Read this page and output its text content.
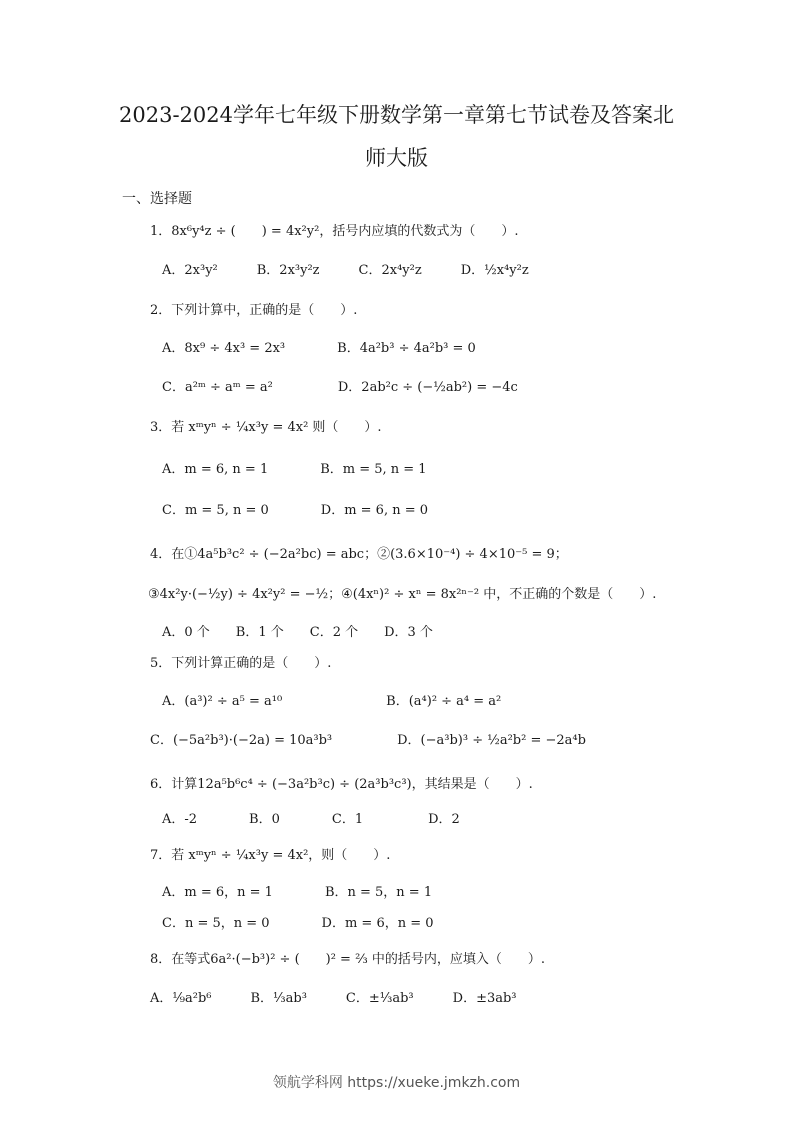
2023-2024学年七年级下册数学第一章第七节试卷及答案北
师大版
一、选择题
1．8x⁶y⁴z ÷ (　　) = 4x²y²，括号内应填的代数式为（　　）.
A．2x³y²　　　B．2x³y²z　　　C．2x⁴y²z　　　D．½x⁴y²z
2．下列计算中，正确的是（　　）.
A．8x⁹ ÷ 4x³ = 2x³　　　　B．4a²b³ ÷ 4a²b³ = 0
C．a²ᵐ ÷ aᵐ = a²　　　　　D．2ab²c ÷ (−½ab²) = −4c
3．若 xᵐyⁿ ÷ ¼x³y = 4x² 则（　　）.
A．m = 6, n = 1　　　　B．m = 5, n = 1
C．m = 5, n = 0　　　　D．m = 6, n = 0
4．在①4a⁵b³c² ÷ (−2a²bc) = abc；②(3.6×10⁻⁴) ÷ 4×10⁻⁵ = 9；
③4x²y·(−½y) ÷ 4x²y² = −½；④(4xⁿ)² ÷ xⁿ = 8x²ⁿ⁻² 中，不正确的个数是（　　）.
A．0 个　　B．1 个　　C．2 个　　D．3 个
5．下列计算正确的是（　　）.
A．(a³)² ÷ a⁵ = a¹⁰　　　　　　　　B．(a⁴)² ÷ a⁴ = a²
C．(−5a²b³)·(−2a) = 10a³b³　　　　　D．(−a³b)³ ÷ ½a²b² = −2a⁴b
6．计算12a⁵b⁶c⁴ ÷ (−3a²b³c) ÷ (2a³b³c³)，其结果是（　　）.
A．-2　　　　B．0　　　　C．1　　　　　D．2
7．若 xᵐyⁿ ÷ ¼x³y = 4x²，则（　　）.
A．m = 6，n = 1　　　　B．n = 5，n = 1
C．n = 5，n = 0　　　　D．m = 6，n = 0
8．在等式6a²·(−b³)² ÷ (　　)² = ⅔ 中的括号内，应填入（　　）.
A．⅑a²b⁶　　　B．⅓ab³　　　C．±⅓ab³　　　D．±3ab³
领航学科网 https://xueke.jmkzh.com
